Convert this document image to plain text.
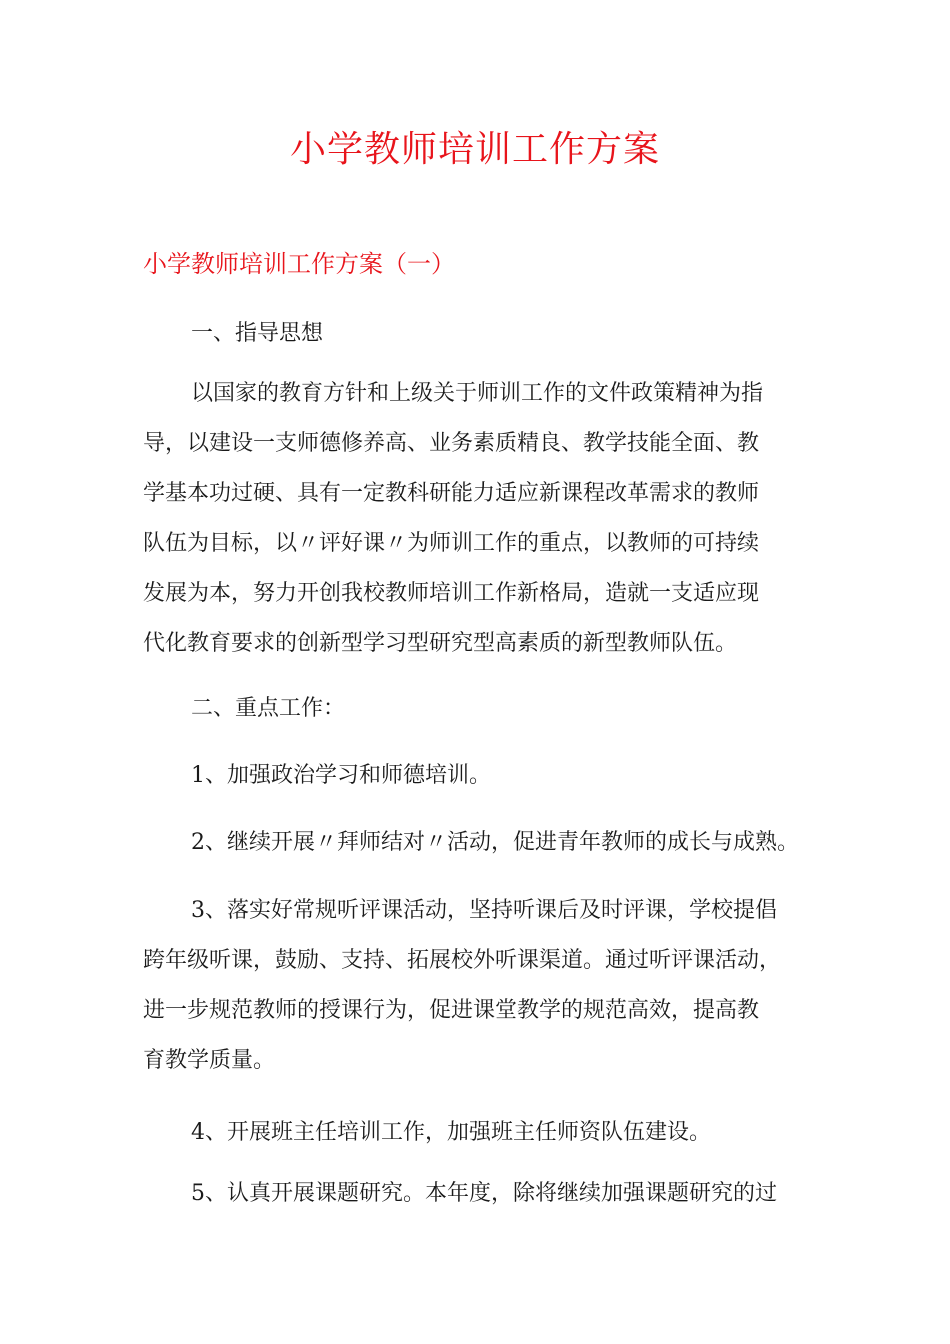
小学教师培训工作方案
小学教师培训工作方案（一）

一、指导思想

以国家的教育方针和上级关于师训工作的文件政策精神为指

导，以建设一支师德修养高、业务素质精良、教学技能全面、教

学基本功过硬、具有一定教科研能力适应新课程改革需求的教师

队伍为目标，以〃评好课〃为师训工作的重点，以教师的可持续

发展为本，努力开创我校教师培训工作新格局，造就一支适应现

代化教育要求的创新型学习型研究型高素质的新型教师队伍。

二、重点工作：

1、加强政治学习和师德培训。

2、继续开展〃拜师结对〃活动，促进青年教师的成长与成熟。

3、落实好常规听评课活动，坚持听课后及时评课，学校提倡

跨年级听课，鼓励、支持、拓展校外听课渠道。通过听评课活动，

进一步规范教师的授课行为，促进课堂教学的规范高效，提高教

育教学质量。

4、开展班主任培训工作，加强班主任师资队伍建设。

5、认真开展课题研究。本年度，除将继续加强课题研究的过
